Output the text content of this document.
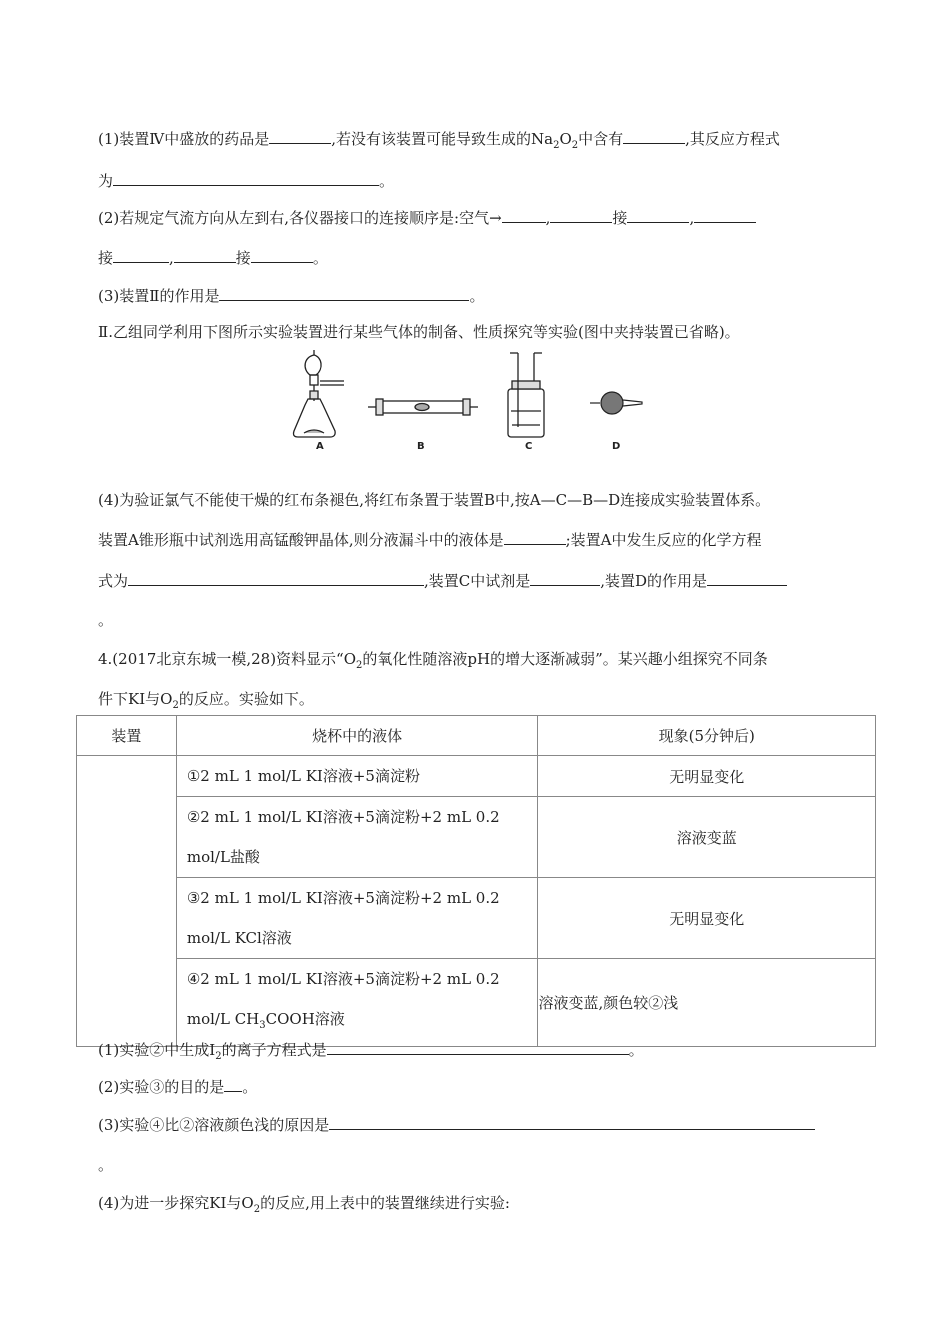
(1)装置Ⅳ中盛放的药品是	,若没有该装置可能导致生成的$Na_2O_2$中含有	,其反应方程式
为	。
(2)若规定气流方向从左到右,各仪器接口的连接顺序是:空气→	,	接	,
接	,	接	。
(3)装置Ⅱ的作用是	。
Ⅱ.乙组同学利用下图所示实验装置进行某些气体的制备、性质探究等实验(图中夹持装置已省略)。
A	B	C	D
(4)为验证氯气不能使干燥的红布条褪色,将红布条置于装置B中,按A—C—B—D连接成实验装置体系。
装置A锥形瓶中试剂选用高锰酸钾晶体,则分液漏斗中的液体是	;装置A中发生反应的化学方程
式为	,装置C中试剂是	,装置D的作用是
。
4.(2017北京东城一模,28)资料显示“$O_2$的氧化性随溶液pH的增大逐渐减弱”。某兴趣小组探究不同条
件下KI与$O_2$的反应。实验如下。
装置	烧杯中的液体	现象(5分钟后)
	①2 mL 1 mol/L KI溶液+5滴淀粉	无明显变化
	②2 mL 1 mol/L KI溶液+5滴淀粉+2 mL 0.2 mol/L盐酸	溶液变蓝
	③2 mL 1 mol/L KI溶液+5滴淀粉+2 mL 0.2 mol/L KCl溶液	无明显变化
	④2 mL 1 mol/L KI溶液+5滴淀粉+2 mL 0.2 mol/L $CH_3COOH$溶液	溶液变蓝,颜色较②浅
(1)实验②中生成$I_2$的离子方程式是	。
(2)实验③的目的是 。
(3)实验④比②溶液颜色浅的原因是
。
(4)为进一步探究KI与$O_2$的反应,用上表中的装置继续进行实验:
